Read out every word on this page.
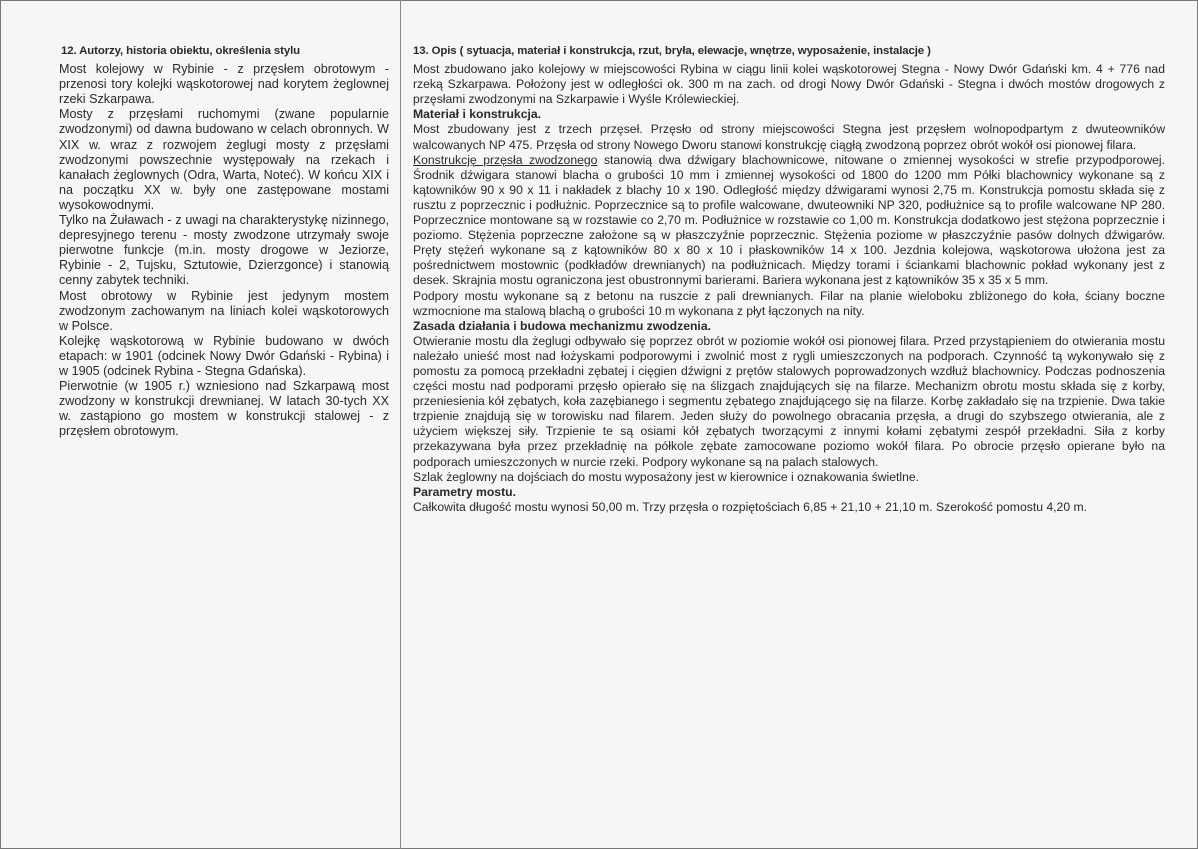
12. Autorzy, historia obiektu, określenia stylu

Most kolejowy w Rybinie - z przęsłem obrotowym - przenosi tory kolejki wąskotorowej nad korytem żeglownej rzeki Szkarpawa.

Mosty z przęsłami ruchomymi (zwane popularnie zwodzonymi) od dawna budowano w celach obronnych. W XIX w. wraz z rozwojem żeglugi mosty z przęsłami zwodzonymi powszechnie występowały na rzekach i kanałach żeglownych (Odra, Warta, Noteć). W końcu XIX i na początku XX w. były one zastępowane mostami wysokowodnymi.

Tylko na Żuławach - z uwagi na charakterystykę nizinnego, depresyjnego terenu - mosty zwodzone utrzymały swoje pierwotne funkcje (m.in. mosty drogowe w Jeziorze, Rybinie - 2, Tujsku, Sztutowie, Dzierzgonce) i stanowią cenny zabytek techniki.

Most obrotowy w Rybinie jest jedynym mostem zwodzonym zachowanym na liniach kolei wąskotorowych w Polsce.

Kolejkę wąskotorową w Rybinie budowano w dwóch etapach: w 1901 (odcinek Nowy Dwór Gdański - Rybina) i w 1905 (odcinek Rybina - Stegna Gdańska).

Pierwotnie (w 1905 r.) wzniesiono nad Szkarpawą most zwodzony w konstrukcji drewnianej. W latach 30-tych XX w. zastąpiono go mostem w konstrukcji stalowej - z przęsłem obrotowym.

13. Opis ( sytuacja, materiał i konstrukcja, rzut, bryła, elewacje, wnętrze, wyposażenie, instalacje )

Most zbudowano jako kolejowy w miejscowości Rybina w ciągu linii kolei wąskotorowej Stegna - Nowy Dwór Gdański km. 4 + 776 nad rzeką Szkarpawa. Położony jest w odległości ok. 300 m na zach. od drogi Nowy Dwór Gdański - Stegna i dwóch mostów drogowych z przęsłami zwodzonymi na Szkarpawie i Wyśle Królewieckiej.

Materiał i konstrukcja.

Most zbudowany jest z trzech przęseł. Przęsło od strony miejscowości Stegna jest przęsłem wolnopodpartym z dwuteowników walcowanych NP 475. Przęsła od strony Nowego Dworu stanowi konstrukcję ciągłą zwodzoną poprzez obrót wokół osi pionowej filara.

Konstrukcję przęsła zwodzonego stanowią dwa dźwigary blachownicowe, nitowane o zmiennej wysokości w strefie przypodporowej. Środnik dźwigara stanowi blacha o grubości 10 mm i zmiennej wysokości od 1800 do 1200 mm Półki blachownicy wykonane są z kątowników 90 x 90 x 11 i nakładek z blachy 10 x 190. Odległość między dźwigarami wynosi 2,75 m. Konstrukcja pomostu składa się z rusztu z poprzecznic i podłużnic. Poprzecznice są to profile walcowane, dwuteowniki NP 320, podłużnice są to profile walcowane NP 280. Poprzecznice montowane są w rozstawie co 2,70 m. Podłużnice w rozstawie co 1,00 m. Konstrukcja dodatkowo jest stężona poprzecznie i poziomo. Stężenia poprzeczne założone są w płaszczyźnie poprzecznic. Stężenia poziome w płaszczyźnie pasów dolnych dźwigarów. Pręty stężeń wykonane są z kątowników 80 x 80 x 10 i płaskowników 14 x 100. Jezdnia kolejowa, wąskotorowa ułożona jest za pośrednictwem mostownic (podkładów drewnianych) na podłużnicach. Między torami i ściankami blachownic pokład wykonany jest z desek. Skrajnia mostu ograniczona jest obustronnymi barierami. Bariera wykonana jest z kątowników 35 x 35 x 5 mm.

Podpory mostu wykonane są z betonu na ruszcie z pali drewnianych. Filar na planie wieloboku zbliżonego do koła, ściany boczne wzmocnione ma stalową blachą o grubości 10 m wykonana z płyt łączonych na nity.

Zasada działania i budowa mechanizmu zwodzenia.

Otwieranie mostu dla żeglugi odbywało się poprzez obrót w poziomie wokół osi pionowej filara. Przed przystąpieniem do otwierania mostu należało unieść most nad łożyskami podporowymi i zwolnić most z rygli umieszczonych na podporach. Czynność tą wykonywało się z pomostu za pomocą przekładni zębatej i cięgien dźwigni z prętów stalowych poprowadzonych wzdłuż blachownicy. Podczas podnoszenia części mostu nad podporami przęsło opierało się na ślizgach znajdujących się na filarze. Mechanizm obrotu mostu składa się z korby, przeniesienia kół zębatych, koła zazębianego i segmentu zębatego znajdującego się na filarze. Korbę zakładało się na trzpienie. Dwa takie trzpienie znajdują się w torowisku nad filarem. Jeden służy do powolnego obracania przęsła, a drugi do szybszego otwierania, ale z użyciem większej siły. Trzpienie te są osiami kół zębatych tworzącymi z innymi kołami zębatymi zespół przekładni. Siła z korby przekazywana była przez przekładnię na półkole zębate zamocowane poziomo wokół filara. Po obrocie przęsło opierane było na podporach umieszczonych w nurcie rzeki. Podpory wykonane są na palach stalowych.

Szlak żeglowny na dojściach do mostu wyposażony jest w kierownice i oznakowania świetlne.

Parametry mostu.

Całkowita długość mostu wynosi 50,00 m. Trzy przęsła o rozpiętościach 6,85 + 21,10 + 21,10 m. Szerokość pomostu 4,20 m.
